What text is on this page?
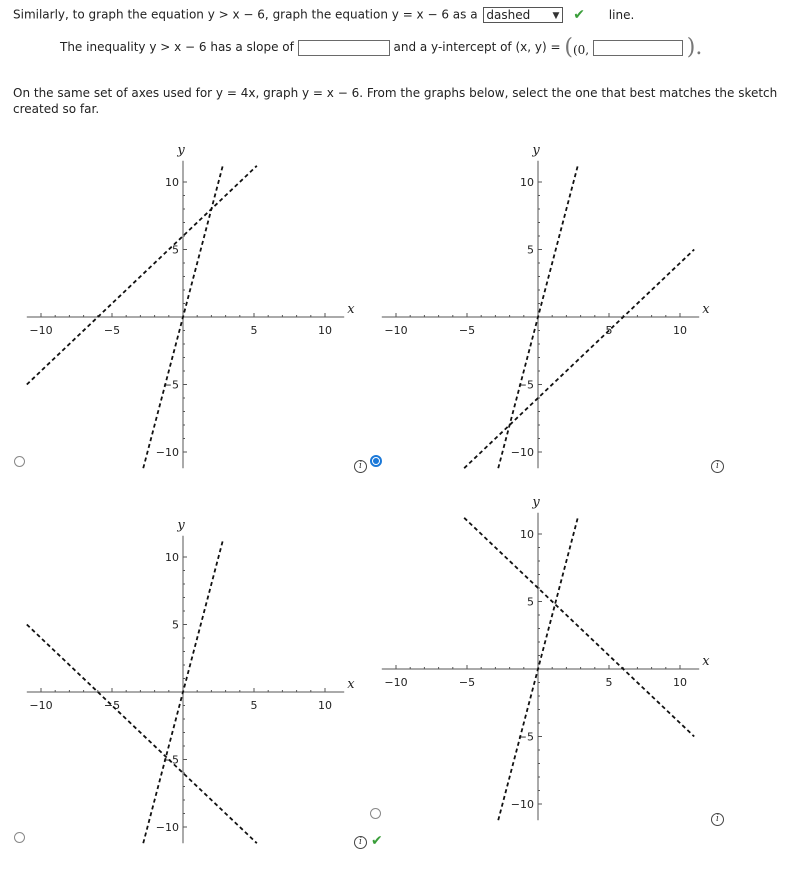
Similarly, to graph the equation y > x − 6, graph the equation y = x − 6 as a dashed ▼ ✔ line.
The inequality y > x − 6 has a slope of	and a y-intercept of (x, y) = ((0,	).
On the same set of axes used for y = 4x, graph y = x − 6. From the graphs below, select the one that best matches the sketch created so far.
−10	−5	5	10
10
5
−5
−10
x
y
i
−10	−5	5	10
10
5
−5
−10
x
y
i
−10	−5	5	10
10
5
−5
−10
x
y
i ✔
−10	−5	5	10
10
5
−5
−10
x
y
i
